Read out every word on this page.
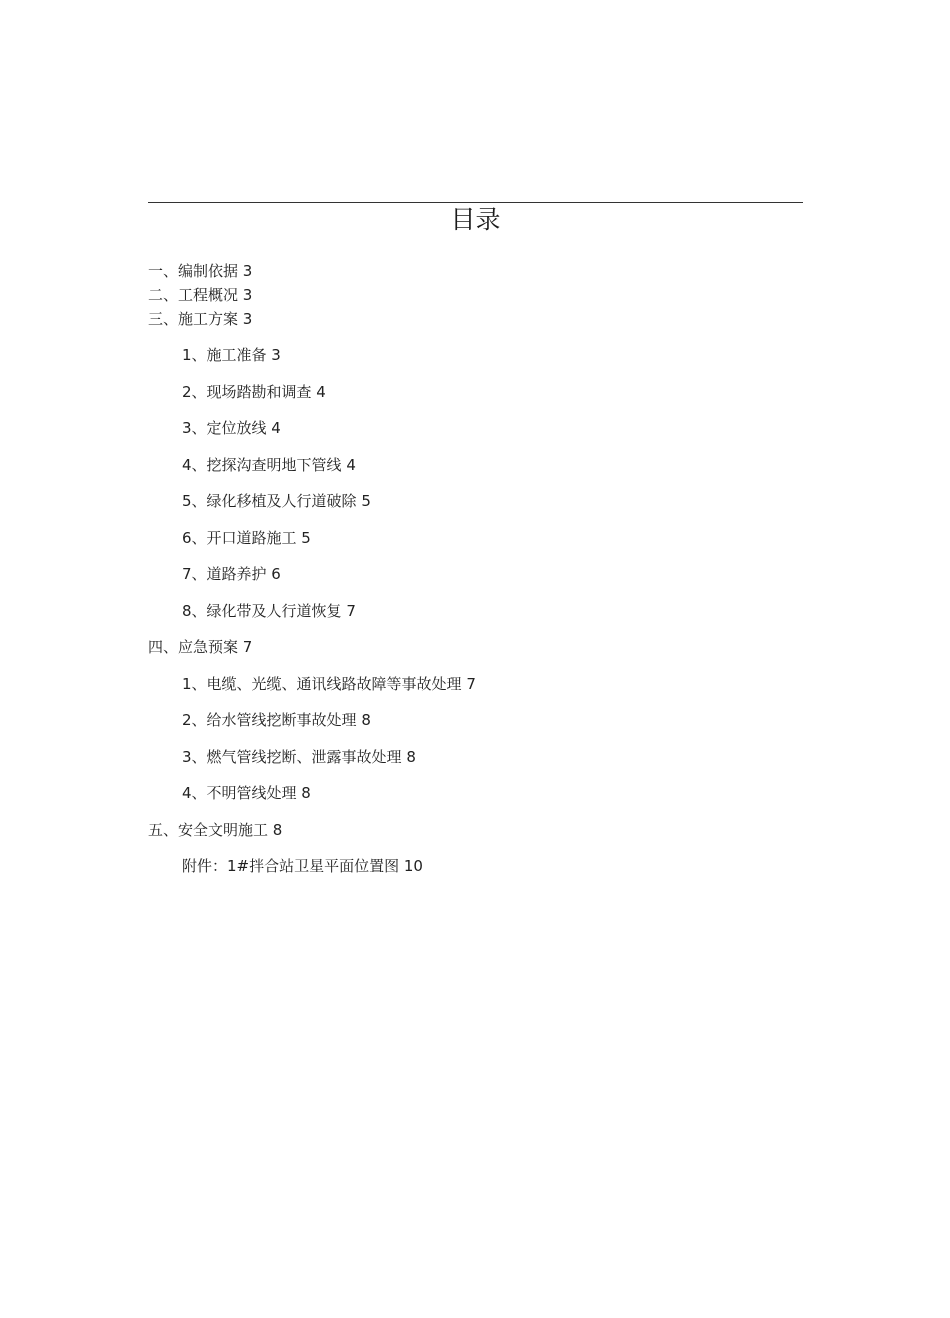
目录
一、编制依据 3
二、工程概况 3
三、施工方案 3
1、施工准备 3
2、现场踏勘和调查 4
3、定位放线 4
4、挖探沟查明地下管线 4
5、绿化移植及人行道破除 5
6、开口道路施工 5
7、道路养护 6
8、绿化带及人行道恢复 7
四、应急预案 7
1、电缆、光缆、通讯线路故障等事故处理 7
2、给水管线挖断事故处理 8
3、燃气管线挖断、泄露事故处理 8
4、不明管线处理 8
五、安全文明施工 8
附件：1#拌合站卫星平面位置图 10
